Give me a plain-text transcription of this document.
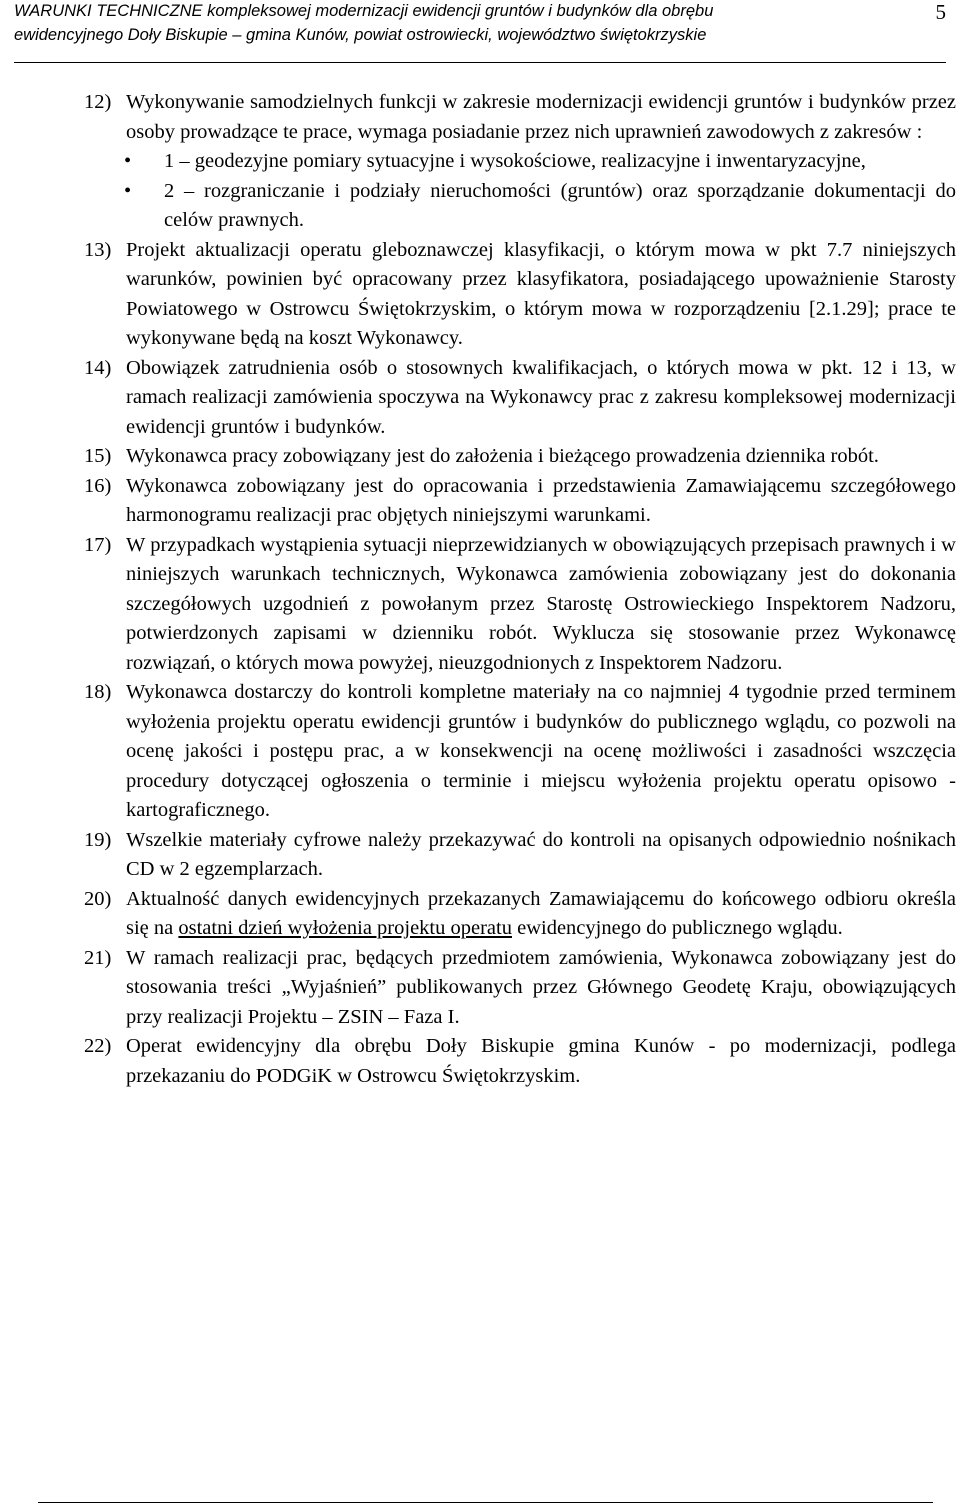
WARUNKI TECHNICZNE kompleksowej modernizacji ewidencji gruntów i budynków dla obrębu
ewidencyjnego Doły Biskupie – gmina Kunów, powiat ostrowiecki, województwo świętokrzyskie
5
12) Wykonywanie samodzielnych funkcji w zakresie modernizacji ewidencji gruntów i budynków przez osoby prowadzące te prace, wymaga posiadanie przez nich uprawnień zawodowych z zakresów :
• 1 – geodezyjne pomiary sytuacyjne i wysokościowe, realizacyjne i inwentaryzacyjne,
• 2 – rozgraniczanie i podziały nieruchomości (gruntów) oraz sporządzanie dokumentacji do celów prawnych.
13) Projekt aktualizacji operatu gleboznawczej klasyfikacji, o którym mowa w pkt 7.7 niniejszych warunków, powinien być opracowany przez klasyfikatora, posiadającego upoważnienie Starosty Powiatowego w Ostrowcu Świętokrzyskim, o którym mowa w rozporządzeniu [2.1.29]; prace te wykonywane będą na koszt Wykonawcy.
14) Obowiązek zatrudnienia osób o stosownych kwalifikacjach, o których mowa w pkt. 12 i 13, w ramach realizacji zamówienia spoczywa na Wykonawcy prac z zakresu kompleksowej modernizacji ewidencji gruntów i budynków.
15) Wykonawca pracy zobowiązany jest do założenia i bieżącego prowadzenia dziennika robót.
16) Wykonawca zobowiązany jest do opracowania i przedstawienia Zamawiającemu szczegółowego harmonogramu realizacji prac objętych niniejszymi warunkami.
17) W przypadkach wystąpienia sytuacji nieprzewidzianych w obowiązujących przepisach prawnych i w niniejszych warunkach technicznych, Wykonawca zamówienia zobowiązany jest do dokonania szczegółowych uzgodnień z powołanym przez Starostę Ostrowieckiego Inspektorem Nadzoru, potwierdzonych zapisami w dzienniku robót. Wyklucza się stosowanie przez Wykonawcę rozwiązań, o których mowa powyżej, nieuzgodnionych z Inspektorem Nadzoru.
18) Wykonawca dostarczy do kontroli kompletne materiały na co najmniej 4 tygodnie przed terminem wyłożenia projektu operatu ewidencji gruntów i budynków do publicznego wglądu, co pozwoli na ocenę jakości i postępu prac, a w konsekwencji na ocenę możliwości i zasadności wszczęcia procedury dotyczącej ogłoszenia o terminie i miejscu wyłożenia projektu operatu opisowo - kartograficznego.
19) Wszelkie materiały cyfrowe należy przekazywać do kontroli na opisanych odpowiednio nośnikach CD w 2 egzemplarzach.
20) Aktualność danych ewidencyjnych przekazanych Zamawiającemu do końcowego odbioru określa się na ostatni dzień wyłożenia projektu operatu ewidencyjnego do publicznego wglądu.
21) W ramach realizacji prac, będących przedmiotem zamówienia, Wykonawca zobowiązany jest do stosowania treści „Wyjaśnień” publikowanych przez Głównego Geodetę Kraju, obowiązujących przy realizacji Projektu – ZSIN – Faza I.
22) Operat ewidencyjny dla obrębu Doły Biskupie gmina Kunów - po modernizacji, podlega przekazaniu do PODGiK w Ostrowcu Świętokrzyskim.
